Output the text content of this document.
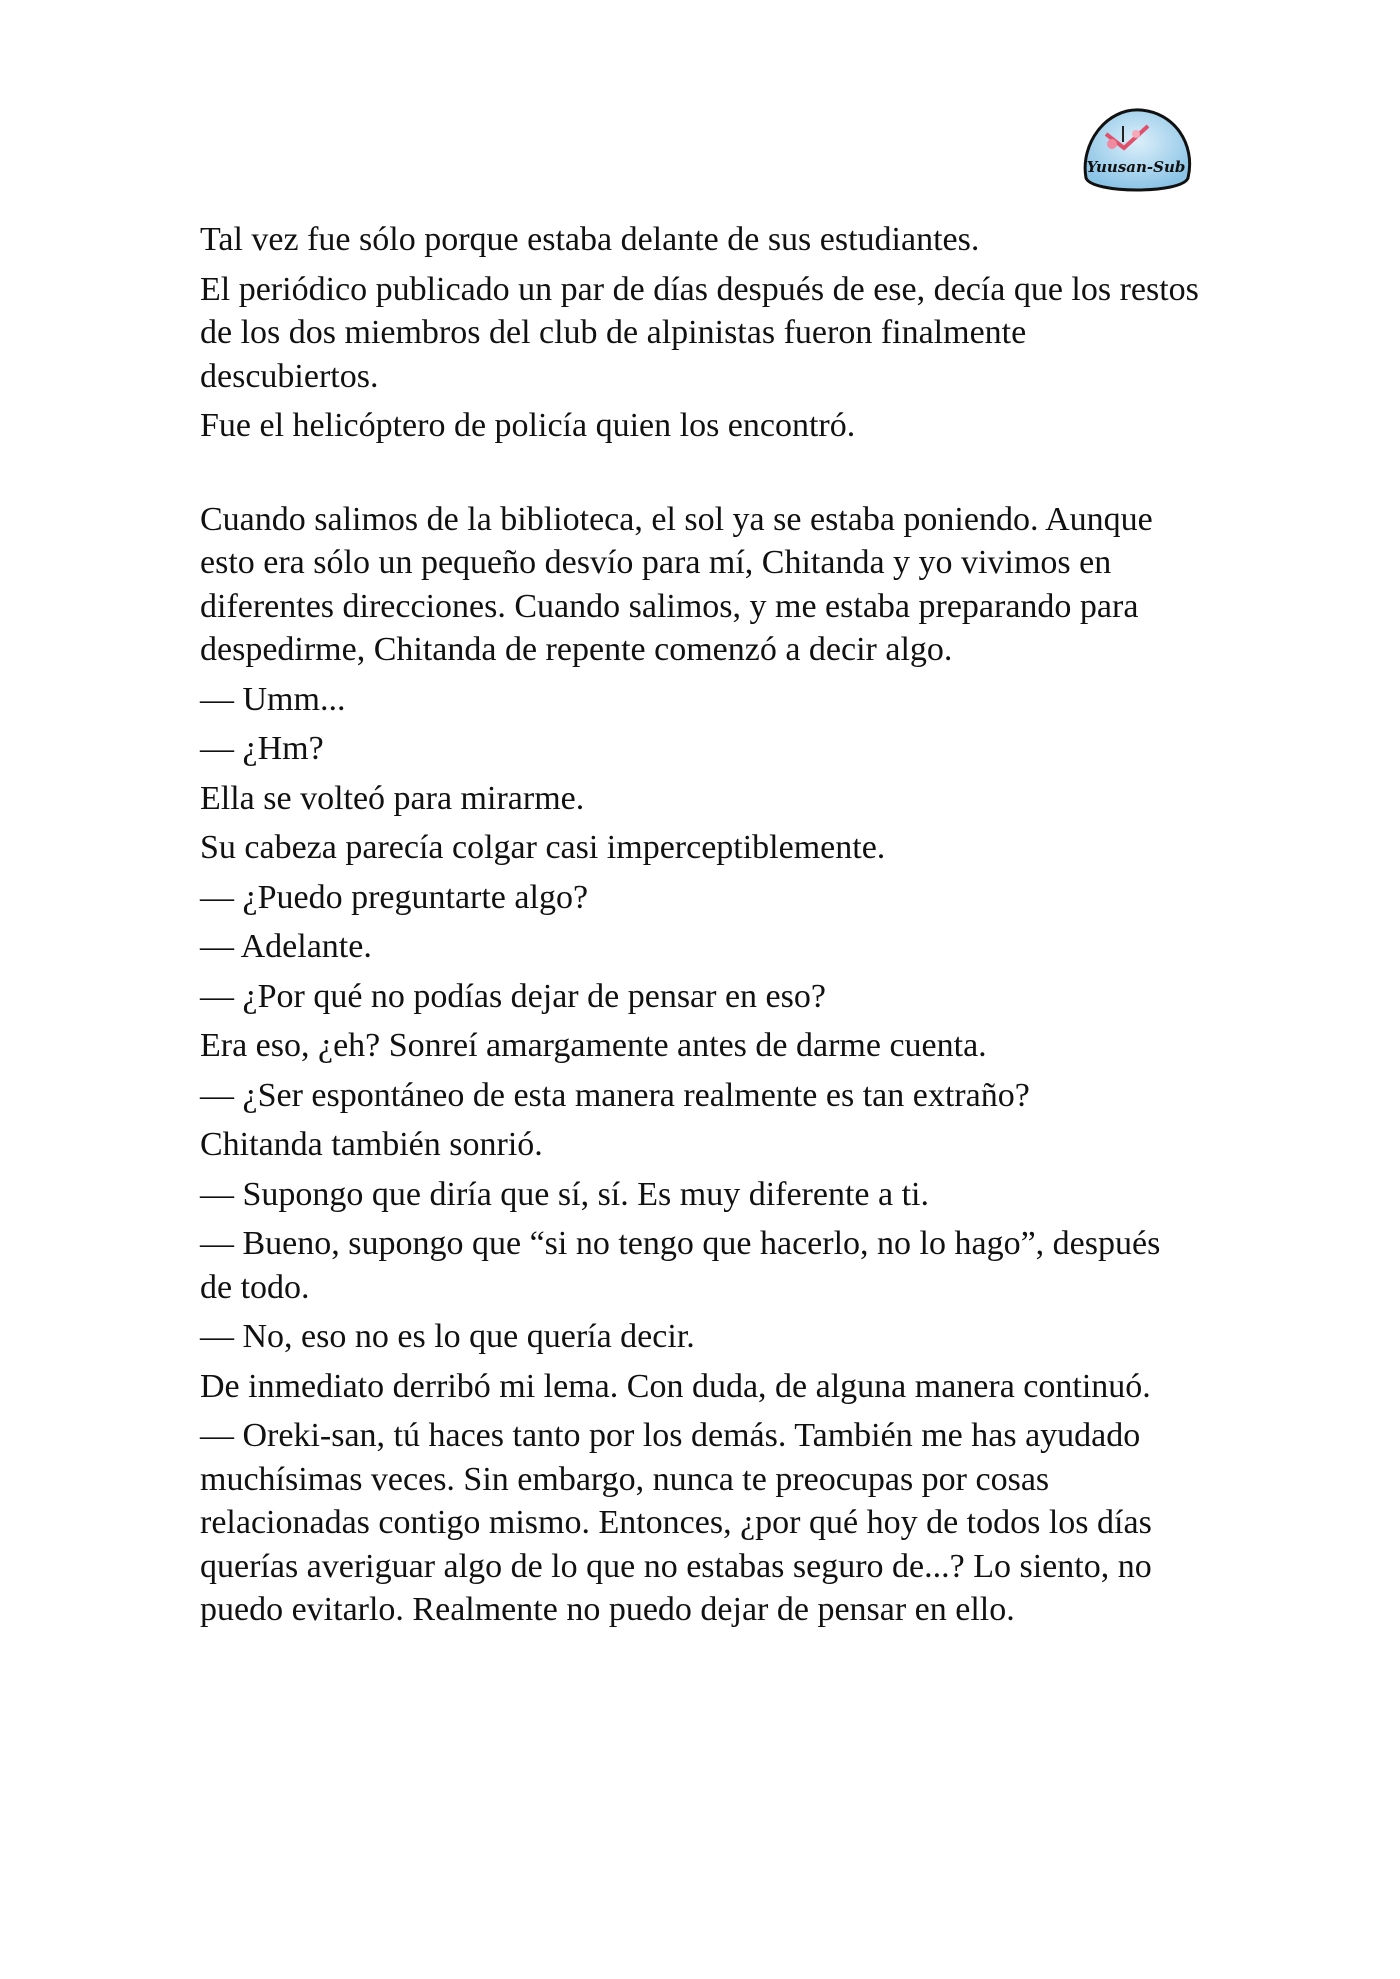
Yuusan-Sub

Tal vez fue sólo porque estaba delante de sus estudiantes.

El periódico publicado un par de días después de ese, decía que los restos de los dos miembros del club de alpinistas fueron finalmente descubiertos.

Fue el helicóptero de policía quien los encontró.

Cuando salimos de la biblioteca, el sol ya se estaba poniendo. Aunque esto era sólo un pequeño desvío para mí, Chitanda y yo vivimos en diferentes direcciones. Cuando salimos, y me estaba preparando para despedirme, Chitanda de repente comenzó a decir algo.

— Umm...

— ¿Hm?

Ella se volteó para mirarme.

Su cabeza parecía colgar casi imperceptiblemente.

— ¿Puedo preguntarte algo?

— Adelante.

— ¿Por qué no podías dejar de pensar en eso?

Era eso, ¿eh? Sonreí amargamente antes de darme cuenta.

— ¿Ser espontáneo de esta manera realmente es tan extraño?

Chitanda también sonrió.

— Supongo que diría que sí, sí. Es muy diferente a ti.

— Bueno, supongo que “si no tengo que hacerlo, no lo hago”, después de todo.

— No, eso no es lo que quería decir.

De inmediato derribó mi lema. Con duda, de alguna manera continuó.

— Oreki-san, tú haces tanto por los demás. También me has ayudado muchísimas veces. Sin embargo, nunca te preocupas por cosas relacionadas contigo mismo. Entonces, ¿por qué hoy de todos los días querías averiguar algo de lo que no estabas seguro de...? Lo siento, no puedo evitarlo. Realmente no puedo dejar de pensar en ello.
